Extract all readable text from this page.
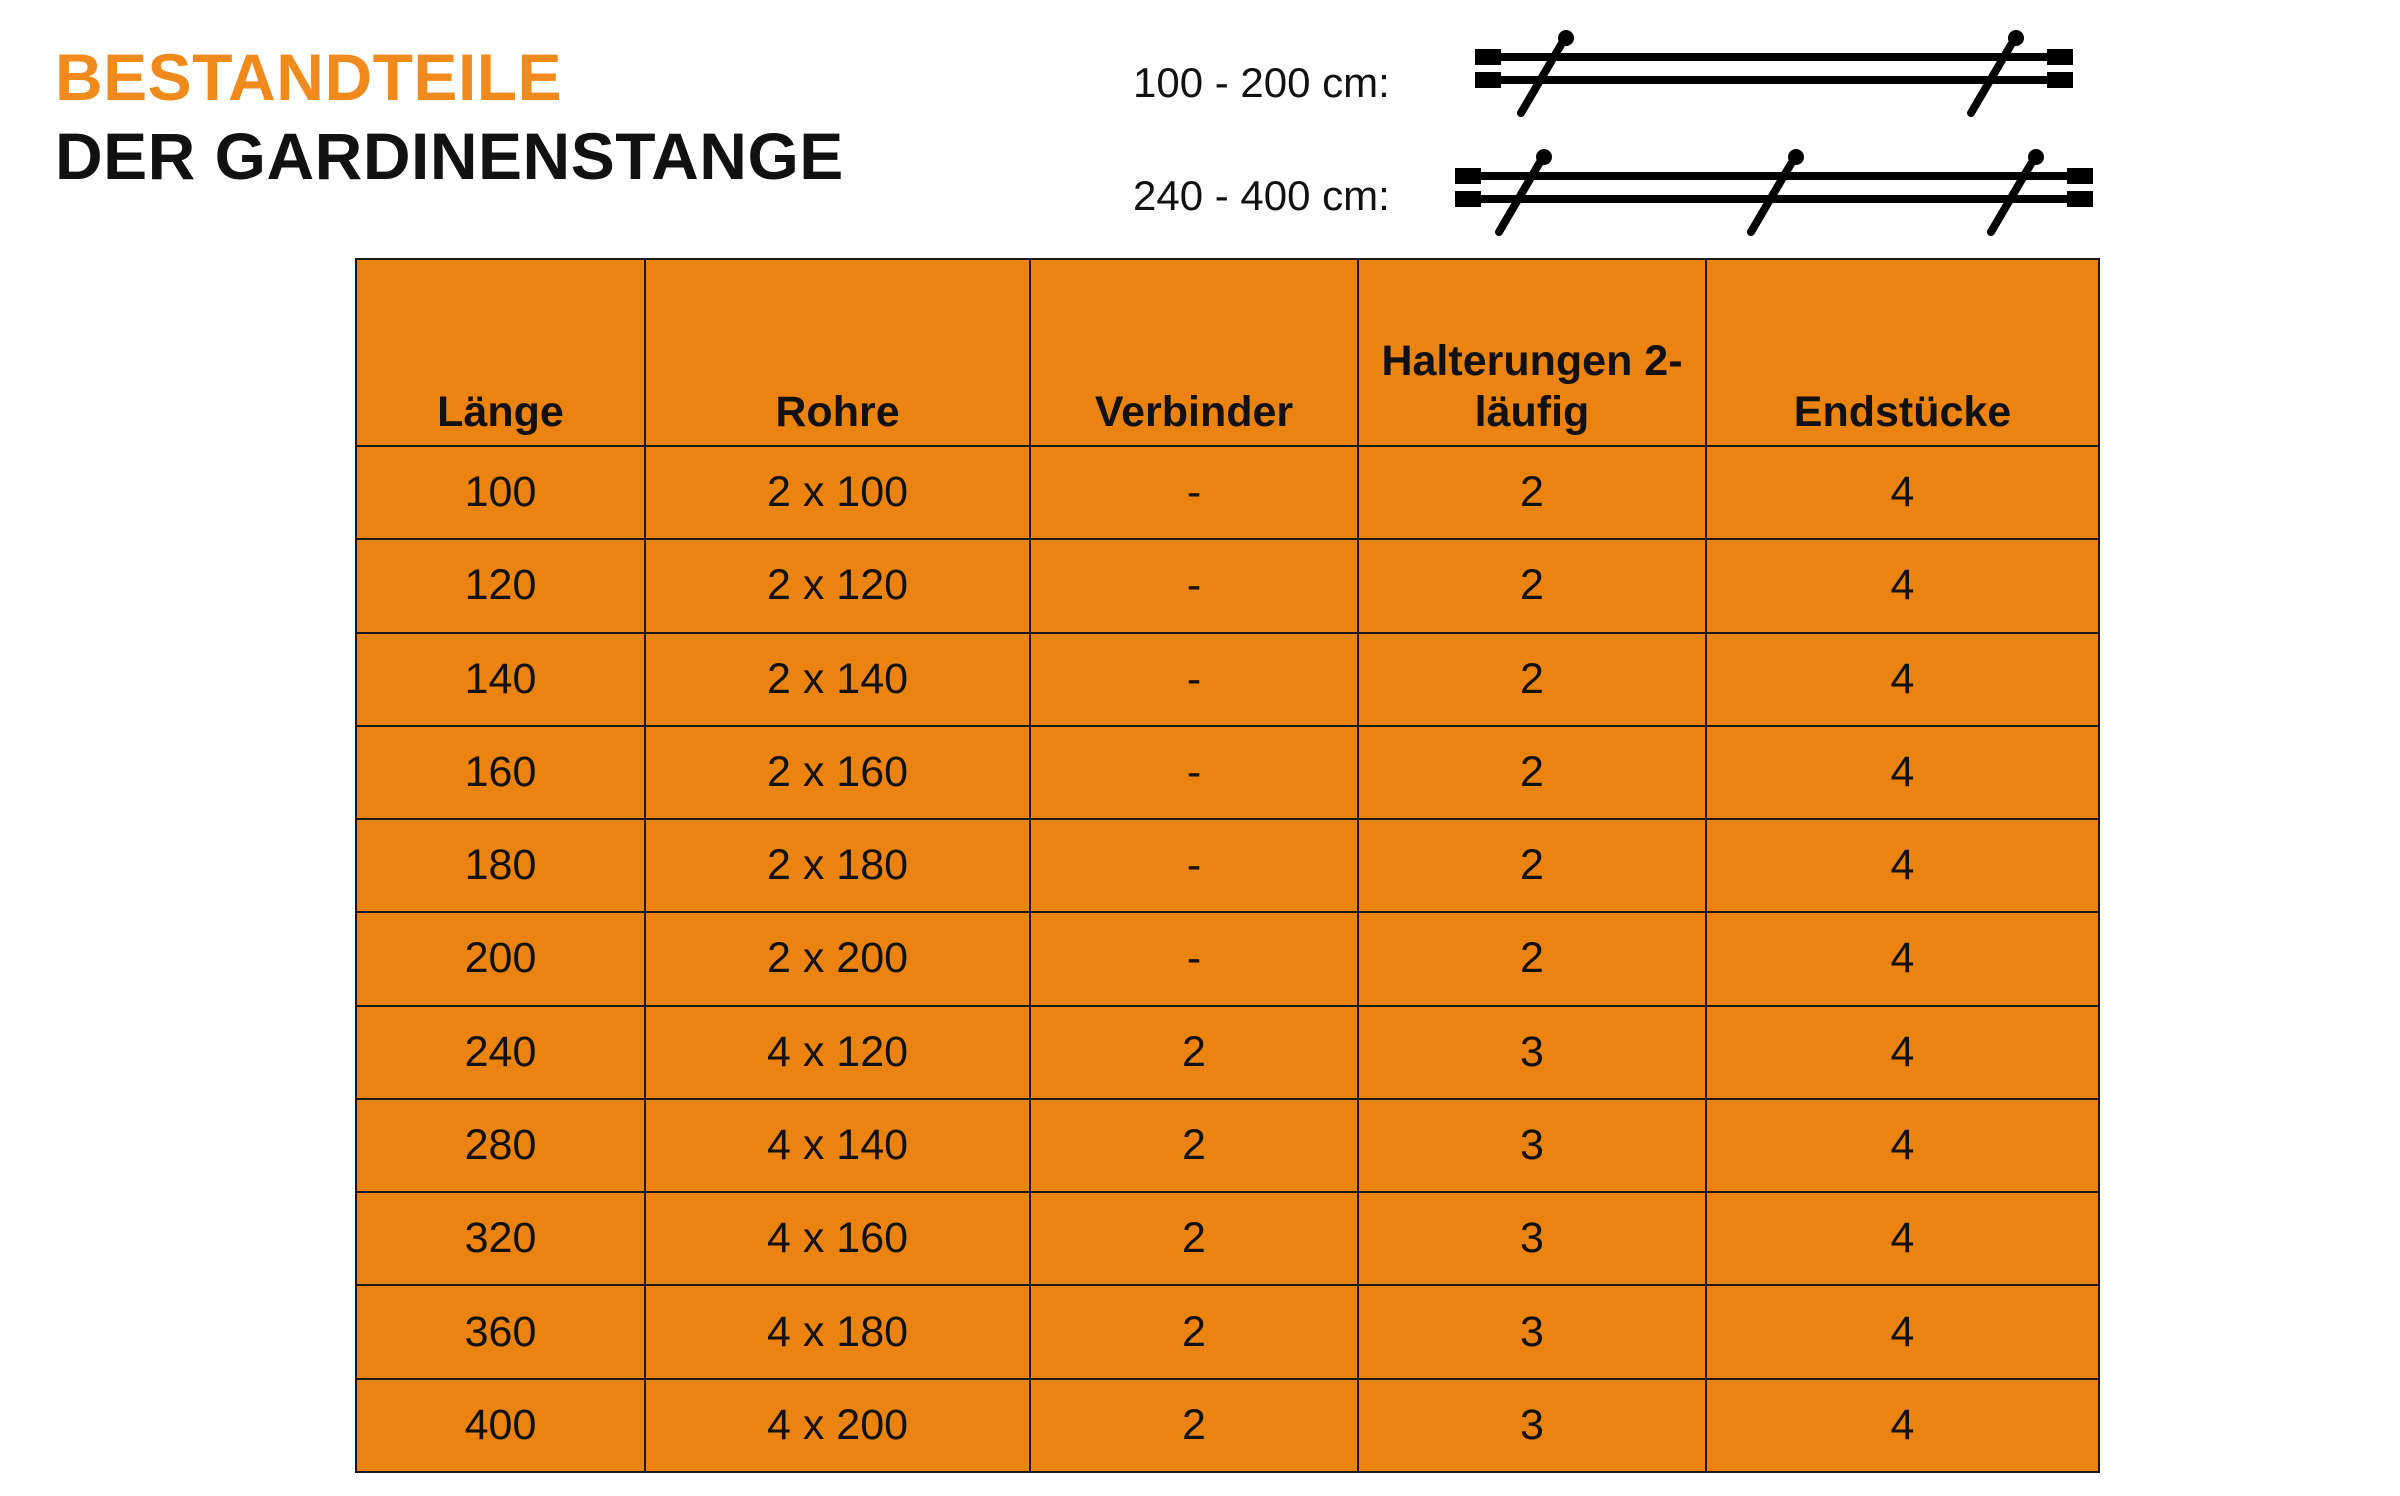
BESTANDTEILE
DER GARDINENSTANGE
100 - 200 cm:
240 - 400 cm:
Länge	Rohre	Verbinder	Halterungen 2-läufig	Endstücke
100	2 x 100	-	2	4
120	2 x 120	-	2	4
140	2 x 140	-	2	4
160	2 x 160	-	2	4
180	2 x 180	-	2	4
200	2 x 200	-	2	4
240	4 x 120	2	3	4
280	4 x 140	2	3	4
320	4 x 160	2	3	4
360	4 x 180	2	3	4
400	4 x 200	2	3	4
